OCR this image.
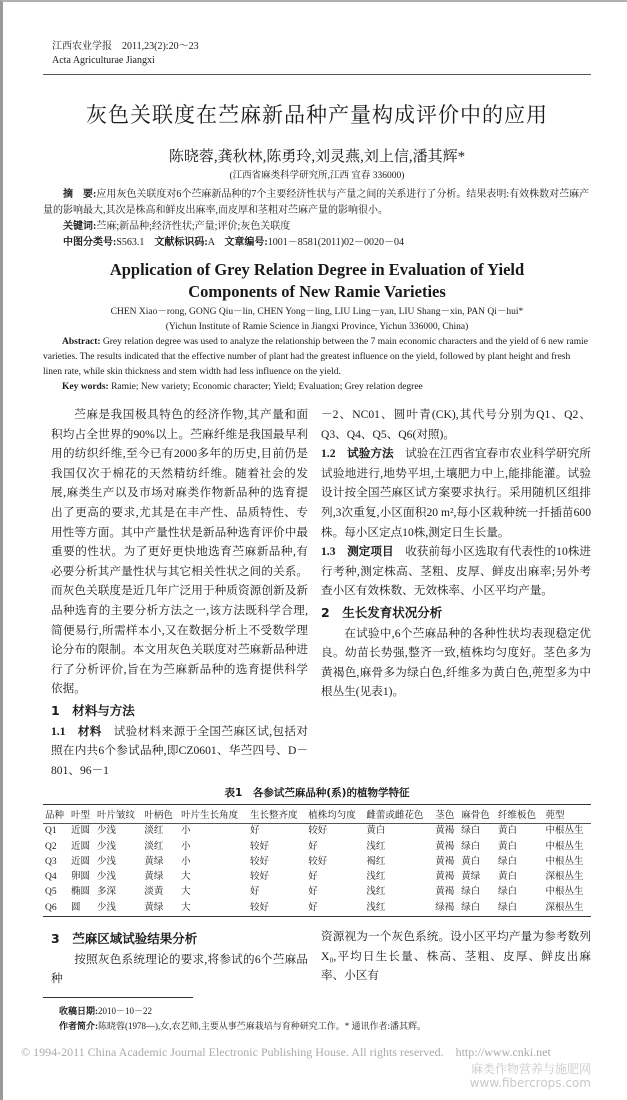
江西农业学报　2011,23(2):20～23
Acta Agriculturae Jiangxi
灰色关联度在苎麻新品种产量构成评价中的应用
陈晓蓉,龚秋林,陈勇玲,刘灵燕,刘上信,潘其辉*
(江西省麻类科学研究所,江西 宜春 336000)
摘　要:应用灰色关联度对6个苎麻新品种的7个主要经济性状与产量之间的关系进行了分析。结果表明:有效株数对苎麻产量的影响最大,其次是株高和鲜皮出麻率,而皮厚和茎粗对苎麻产量的影响很小。
关键词:苎麻;新品种;经济性状;产量;评价;灰色关联度
中图分类号:S563.1　 文献标识码:A　 文章编号:1001－8581(2011)02－0020－04
Application of Grey Relation Degree in Evaluation of Yield
Components of New Ramie Varieties
CHEN Xiao－rong, GONG Qiu－lin, CHEN Yong－ling, LIU Ling－yan, LIU Shang－xin, PAN Qi－hui*
(Yichun Institute of Ramie Science in Jiangxi Province, Yichun 336000, China)
Abstract: Grey relation degree was used to analyze the relationship between the 7 main economic characters and the yield of 6 new ramie varieties. The results indicated that the effective number of plant had the greatest influence on the yield, followed by plant height and fresh linen rate, while skin thickness and stem width had less influence on the yield.
Key words: Ramie; New variety; Economic character; Yield; Evaluation; Grey relation degree

苎麻是我国极具特色的经济作物,其产量和面积均占全世界的90%以上。苎麻纤维是我国最早利用的纺织纤维,至今已有2000多年的历史,目前仍是我国仅次于棉花的天然精纺纤维。随着社会的发展,麻类生产以及市场对麻类作物新品种的选育提出了更高的要求,尤其是在丰产性、品质特性、专用性等方面。其中产量性状是新品种选育评价中最重要的性状。为了更好更快地选育苎麻新品种,有必要分析其产量性状与其它相关性状之间的关系。而灰色关联度是近几年广泛用于种质资源创新及新品种选育的主要分析方法之一,该方法既科学合理,简便易行,所需样本小,又在数据分析上不受数学理论分布的限制。本文用灰色关联度对苎麻新品种进行了分析评价,旨在为苎麻新品种的选育提供科学依据。

1　材料与方法

1.1　材料　试验材料来源于全国苎麻区试,包括对照在内共6个参试品种,即CZ0601、华苎四号、D－801、96－1

－2、NC01、圆叶青(CK),其代号分别为Q1、Q2、Q3、Q4、Q5、Q6(对照)。

1.2　试验方法　试验在江西省宜春市农业科学研究所试验地进行,地势平坦,土壤肥力中上,能排能灌。试验设计按全国苎麻区试方案要求执行。采用随机区组排列,3次重复,小区面积20 m²,每小区栽种统一扦插苗600株。每小区定点10株,测定日生长量。

1.3　测定项目　收获前每小区选取有代表性的10株进行考种,测定株高、茎粗、皮厚、鲜皮出麻率;另外考查小区有效株数、无效株率、小区平均产量。

2　生长发育状况分析

在试验中,6个苎麻品种的各种性状均表现稳定优良。幼苗长势强,整齐一致,植株均匀度好。茎色多为黄褐色,麻骨多为绿白色,纤维多为黄白色,蔸型多为中根丛生(见表1)。

表1　各参试苎麻品种(系)的植物学特征
品种	叶型	叶片皱纹	叶柄色	叶片生长角度	生长整齐度	植株均匀度	雌蕾或雌花色	茎色	麻骨色	纤维板色	蔸型
Q1	近圆	少浅	淡红	小	好	较好	黄白	黄褐	绿白	黄白	中根丛生
Q2	近圆	少浅	淡红	小	较好	好	浅红	黄褐	绿白	黄白	中根丛生
Q3	近圆	少浅	黄绿	小	较好	较好	褐红	黄褐	黄白	绿白	中根丛生
Q4	卵圆	少浅	黄绿	大	较好	好	浅红	黄褐	黄绿	黄白	深根丛生
Q5	椭圆	多深	淡黄	大	好	好	浅红	黄褐	绿白	绿白	中根丛生
Q6	圆	少浅	黄绿	大	较好	好	浅红	绿褐	绿白	绿白	深根丛生

3　苎麻区域试验结果分析

按照灰色系统理论的要求,将参试的6个苎麻品种

资源视为一个灰色系统。设小区平均产量为参考数列X₀,平均日生长量、株高、茎粗、皮厚、鲜皮出麻率、小区有
收稿日期:2010－10－22
作者简介:陈晓蓉(1978—),女,农艺师,主要从事苎麻栽培与育种研究工作。* 通讯作者:潘其辉。
© 1994-2011 China Academic Journal Electronic Publishing House. All rights reserved.　http://www.cnki.net
麻类作物营养与施肥网
www.fibercrops.com
